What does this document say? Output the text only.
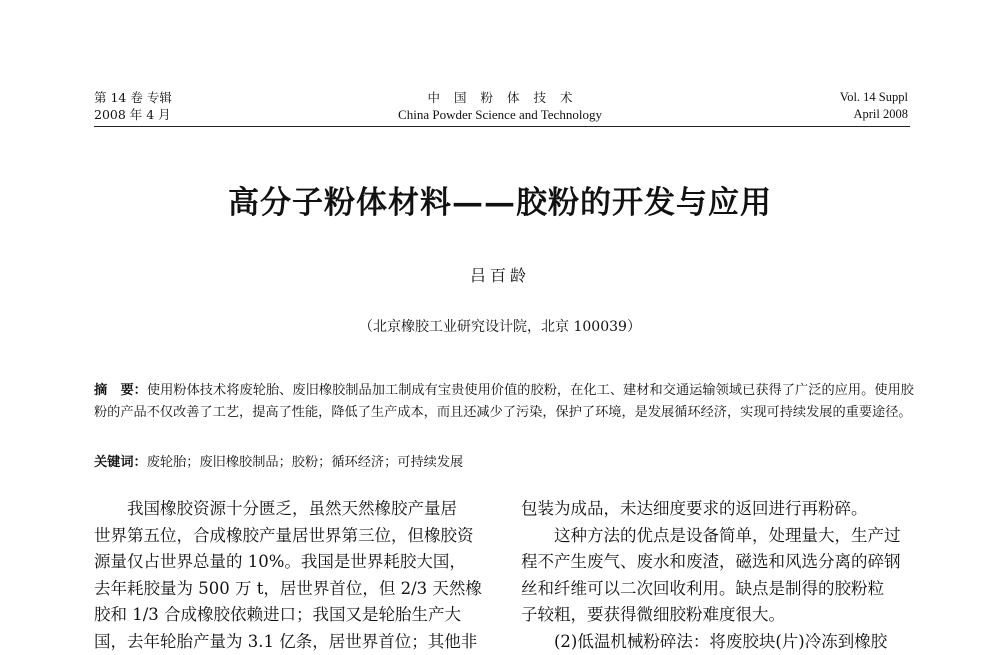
第 14 卷 专辑
2008 年 4 月
中国粉体技术
China Powder Science and Technology
Vol. 14 Suppl
April 2008
高分子粉体材料——胶粉的开发与应用
吕百龄
（北京橡胶工业研究设计院，北京 100039）
摘　要：使用粉体技术将废轮胎、废旧橡胶制品加工制成有宝贵使用价值的胶粉，在化工、建材和交通运输领域已获得了广泛的应用。使用胶粉的产品不仅改善了工艺，提高了性能，降低了生产成本，而且还减少了污染，保护了环境，是发展循环经济，实现可持续发展的重要途径。
关键词：废轮胎；废旧橡胶制品；胶粉；循环经济；可持续发展

　　我国橡胶资源十分匮乏，虽然天然橡胶产量居

世界第五位，合成橡胶产量居世界第三位，但橡胶资

源量仅占世界总量的 10%。我国是世界耗胶大国，

去年耗胶量为 500 万 t，居世界首位，但 2/3 天然橡

胶和 1/3 合成橡胶依赖进口；我国又是轮胎生产大

国，去年轮胎产量为 3.1 亿条，居世界首位；其他非

包装为成品，未达细度要求的返回进行再粉碎。

　　这种方法的优点是设备简单，处理量大，生产过

程不产生废气、废水和废渣，磁选和风选分离的碎钢

丝和纤维可以二次回收利用。缺点是制得的胶粉粒

子较粗，要获得微细胶粉难度很大。

　　(2)低温机械粉碎法：将废胶块(片)冷冻到橡胶
